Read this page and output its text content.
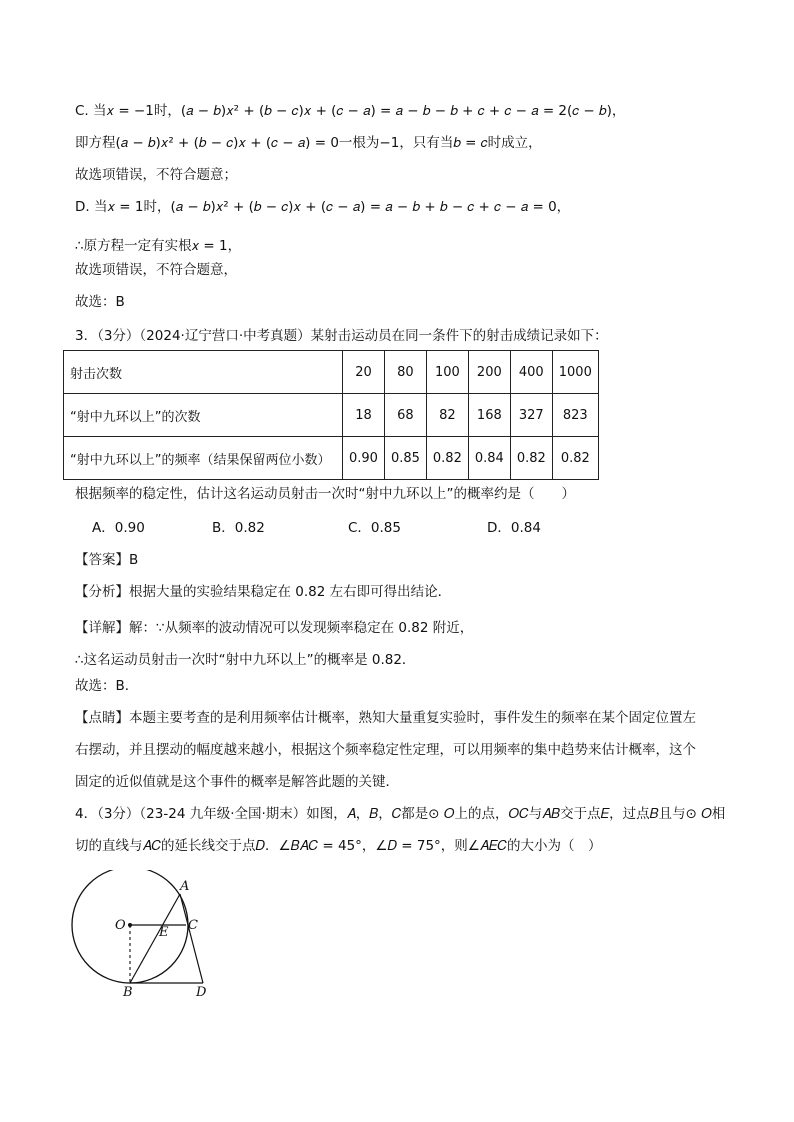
C. 当𝑥 = −1时，(𝑎 − 𝑏)𝑥² + (𝑏 − 𝑐)𝑥 + (𝑐 − 𝑎) = 𝑎 − 𝑏 − 𝑏 + 𝑐 + 𝑐 − 𝑎 = 2(𝑐 − 𝑏)，
即方程(𝑎 − 𝑏)𝑥² + (𝑏 − 𝑐)𝑥 + (𝑐 − 𝑎) = 0一根为−1，只有当𝑏 = 𝑐时成立，
故选项错误，不符合题意；
D. 当𝑥 = 1时，(𝑎 − 𝑏)𝑥² + (𝑏 − 𝑐)𝑥 + (𝑐 − 𝑎) = 𝑎 − 𝑏 + 𝑏 − 𝑐 + 𝑐 − 𝑎 = 0，
∴原方程一定有实根𝑥 = 1，
故选项错误，不符合题意，
故选：B
3．（3分）（2024·辽宁营口·中考真题）某射击运动员在同一条件下的射击成绩记录如下：
射击次数	20	80	100	200	400	1000
“射中九环以上”的次数	18	68	82	168	327	823
“射中九环以上”的频率（结果保留两位小数）	0.90	0.85	0.82	0.84	0.82	0.82
根据频率的稳定性，估计这名运动员射击一次时“射中九环以上”的概率约是（　　）
A．0.90	B．0.82	C．0.85	D．0.84
【答案】B
【分析】根据大量的实验结果稳定在 0.82 左右即可得出结论．
【详解】解：∵从频率的波动情况可以发现频率稳定在 0.82 附近，
∴这名运动员射击一次时“射中九环以上”的概率是 0.82．
故选：B．
【点睛】本题主要考查的是利用频率估计概率，熟知大量重复实验时，事件发生的频率在某个固定位置左
右摆动，并且摆动的幅度越来越小，根据这个频率稳定性定理，可以用频率的集中趋势来估计概率，这个
固定的近似值就是这个事件的概率是解答此题的关键．
4．（3分）（23-24 九年级·全国·期末）如图，𝐴，𝐵，𝐶都是⊙ 𝑂上的点，𝑂𝐶与𝐴𝐵交于点𝐸，过点𝐵且与⊙ 𝑂相
切的直线与𝐴𝐶的延长线交于点𝐷．∠𝐵𝐴𝐶 = 45°，∠𝐷 = 75°，则∠𝐴𝐸𝐶的大小为（　）
A
O	E C
B	D
